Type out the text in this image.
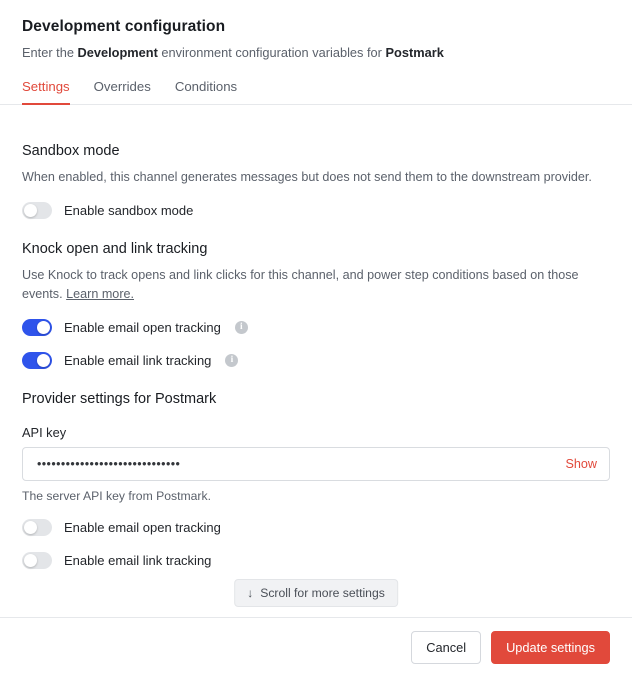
Development configuration
Enter the Development environment configuration variables for Postmark
Settings Overrides Conditions
Sandbox mode
When enabled, this channel generates messages but does not send them to the downstream provider.
Enable sandbox mode
Knock open and link tracking
Use Knock to track opens and link clicks for this channel, and power step conditions based on those events. Learn more.
Enable email open tracking	i
Enable email link tracking	i
Provider settings for Postmark
API key
••••••••••••••••••••••••••••••
Show
The server API key from Postmark.
Enable email open tracking
Enable email link tracking
↓ Scroll for more settings
Cancel	Update settings
